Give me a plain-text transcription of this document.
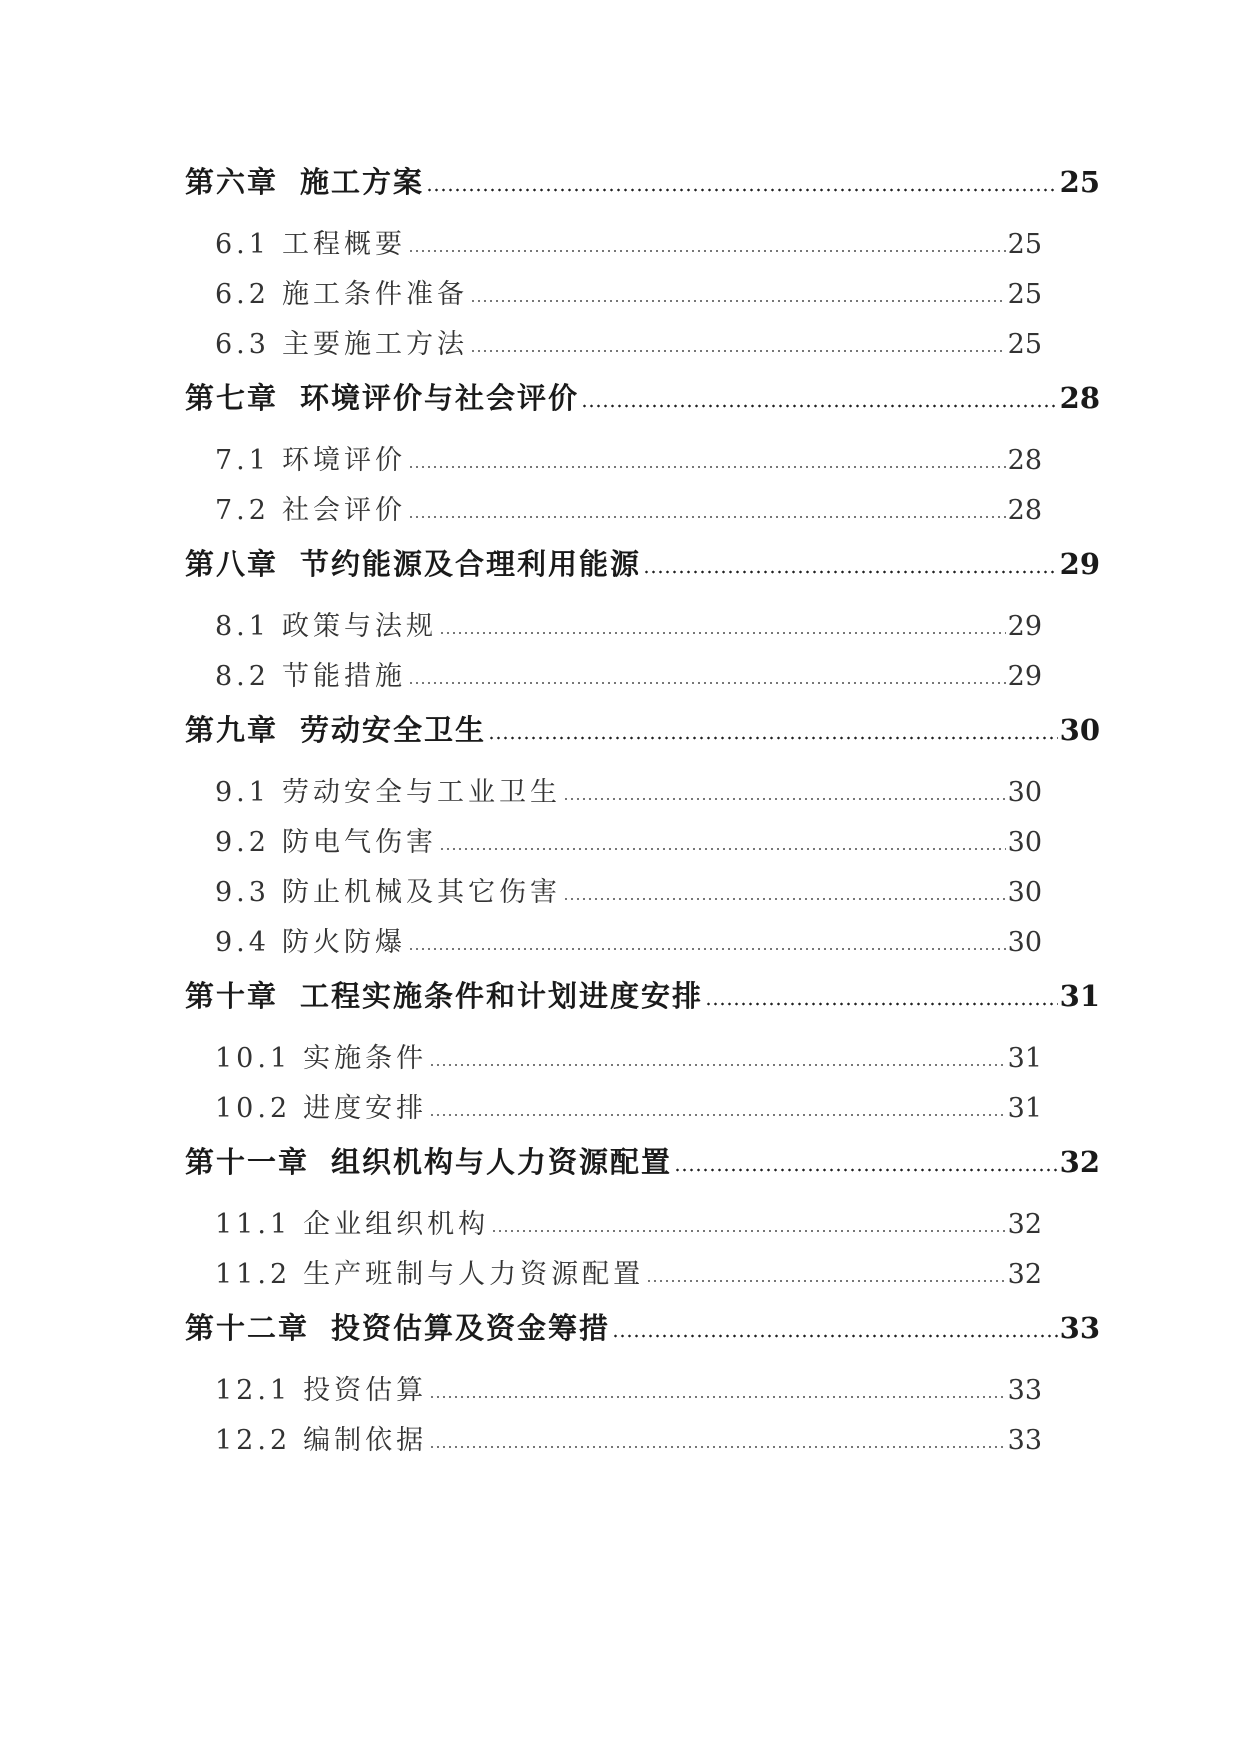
第六章 施工方案	25
6.1 工程概要	25
6.2 施工条件准备	25
6.3 主要施工方法	25
第七章 环境评价与社会评价	28
7.1 环境评价	28
7.2 社会评价	28
第八章 节约能源及合理利用能源	29
8.1 政策与法规	29
8.2 节能措施	29
第九章 劳动安全卫生	30
9.1 劳动安全与工业卫生	30
9.2 防电气伤害	30
9.3 防止机械及其它伤害	30
9.4 防火防爆	30
第十章 工程实施条件和计划进度安排	31
10.1 实施条件	31
10.2 进度安排	31
第十一章 组织机构与人力资源配置	32
11.1 企业组织机构	32
11.2 生产班制与人力资源配置	32
第十二章 投资估算及资金筹措	33
12.1 投资估算	33
12.2 编制依据	33
